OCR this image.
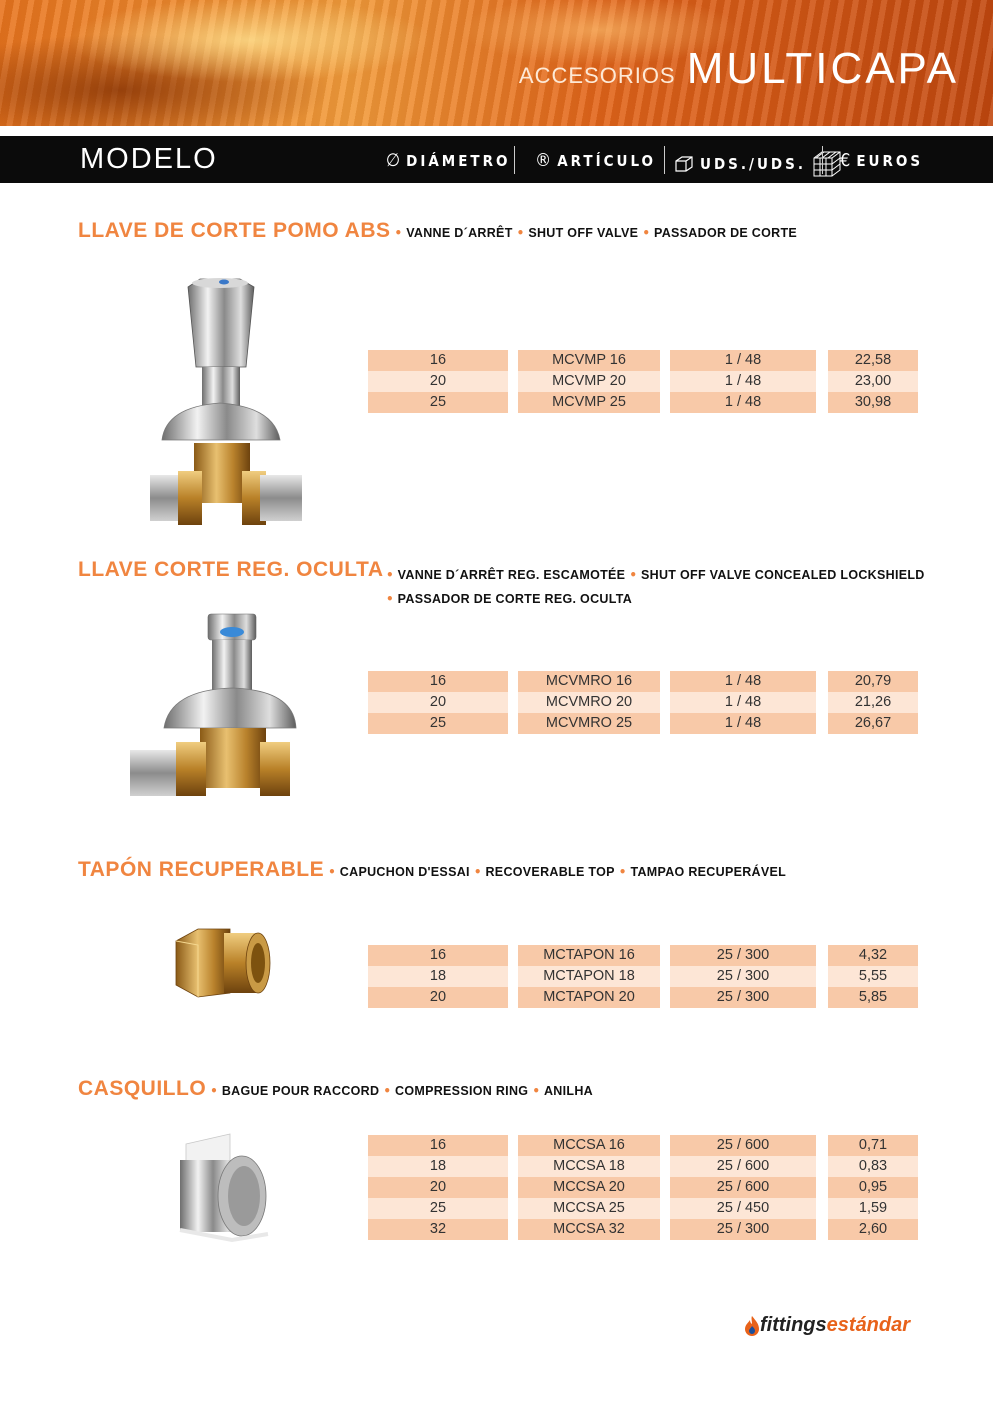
ACCESORIOS MULTICAPA
MODELO	∅ DIÁMETRO ® ARTÍCULO	UDS./UDS. € EUROS
LLAVE DE CORTE POMO ABS • VANNE D´ARRÊT • SHUT OFF VALVE • PASSADOR DE CORTE
16	MCVMP 16	1 / 48	22,58
20	MCVMP 20	1 / 48	23,00
25	MCVMP 25	1 / 48	30,98
LLAVE CORTE REG. OCULTA • VANNE D´ARRÊT REG. ESCAMOTÉE • SHUT OFF VALVE CONCEALED LOCKSHIELD
• PASSADOR DE CORTE REG. OCULTA
16	MCVMRO 16	1 / 48	20,79
20	MCVMRO 20	1 / 48	21,26
25	MCVMRO 25	1 / 48	26,67
TAPÓN RECUPERABLE • CAPUCHON D'ESSAI • RECOVERABLE TOP • TAMPAO RECUPERÁVEL
16	MCTAPON 16	25 / 300	4,32
18	MCTAPON 18	25 / 300	5,55
20	MCTAPON 20	25 / 300	5,85
CASQUILLO • BAGUE POUR RACCORD • COMPRESSION RING • ANILHA
16	MCCSA 16	25 / 600	0,71
18	MCCSA 18	25 / 600	0,83
20	MCCSA 20	25 / 600	0,95
25	MCCSA 25	25 / 450	1,59
32	MCCSA 32	25 / 300	2,60
fittings estándar
